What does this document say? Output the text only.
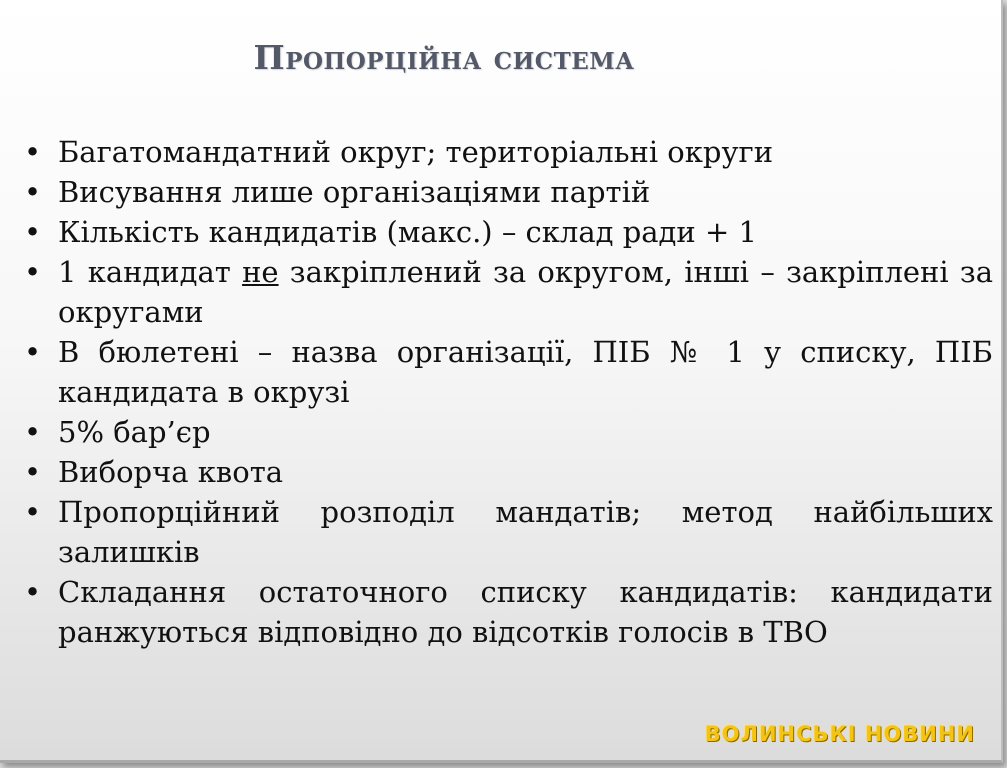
Пропорційна система
• Багатомандатний округ; територіальні округи
• Висування лише організаціями партій
• Кількість кандидатів (макс.) – склад ради + 1
• 1 кандидат не закріплений за округом, інші – закріплені за округами
• В бюлетені – назва організації, ПІБ № 1 у списку, ПІБ кандидата в окрузі
• 5% бар’єр
• Виборча квота
• Пропорційний розподіл мандатів; метод найбільших залишків
• Складання остаточного списку кандидатів: кандидати ранжуються відповідно до відсотків голосів в ТВО
ВОЛИНСЬКІ НОВИНИ
